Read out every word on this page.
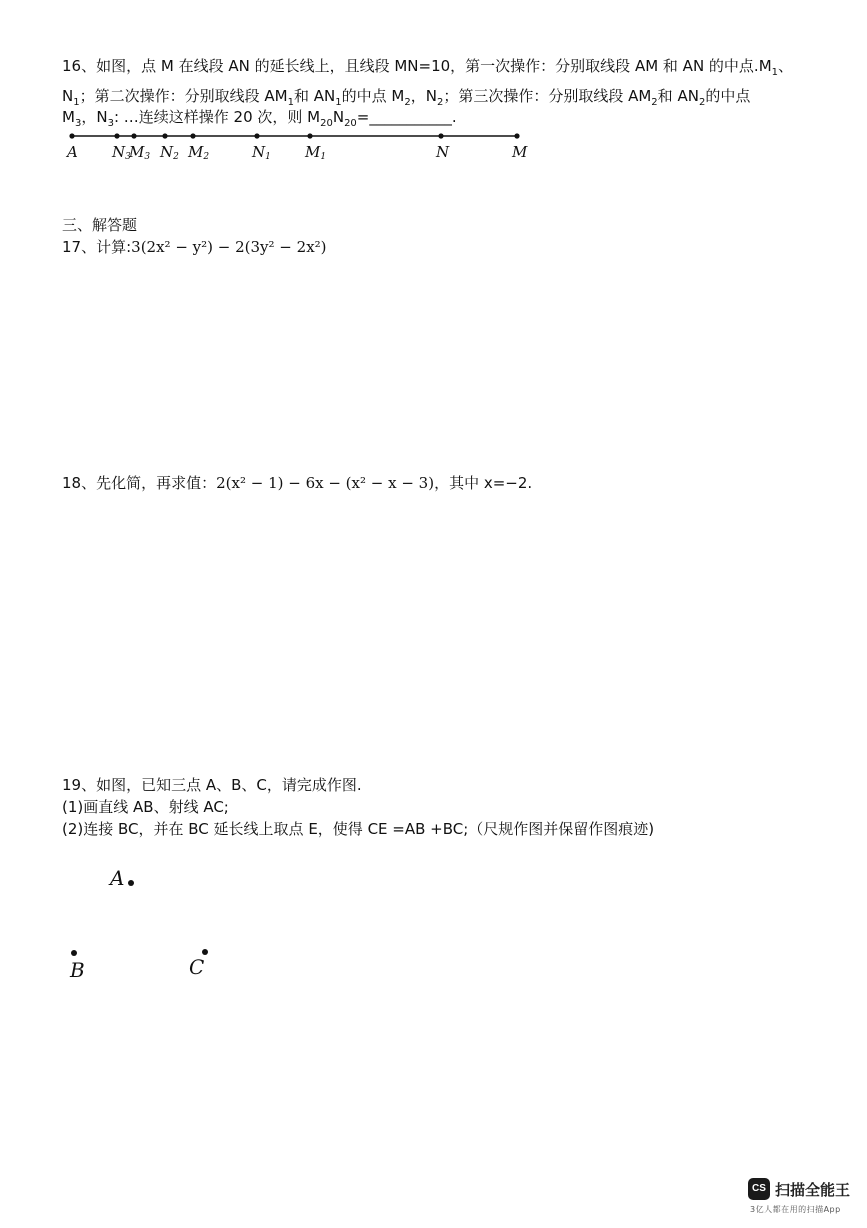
16、如图，点 M 在线段 AN 的延长线上，且线段 MN=10，第一次操作：分别取线段 AM 和 AN 的中点$.M_1$、
$N_1$；第二次操作：分别取线段 $AM_1$和 $AN_1$的中点 $M_2$，$N_2$；第三次操作：分别取线段 $AM_2$和 $AN_2$的中点
$M_3$，$N_3$: …连续这样操作 20 次，则 $M_{20}N_{20}=\_\_\_\_\_\_\_\_\_\_\_$.
A N3
M3 N2 M2	N1 M1	N	M
三、解答题
17、计算:3(2x² − y²) − 2(3y² − 2x²)
18、先化简，再求值：2(x² − 1) − 6x − (x² − x − 3)，其中 x=−2.
19、如图，已知三点 A、B、C，请完成作图.
(1)画直线 AB、射线 AC;
(2)连接 BC，并在 BC 延长线上取点 E，使得 CE =AB +BC;（尺规作图并保留作图痕迹)
A
B	C
CS 扫描全能王
3亿人都在用的扫描App
